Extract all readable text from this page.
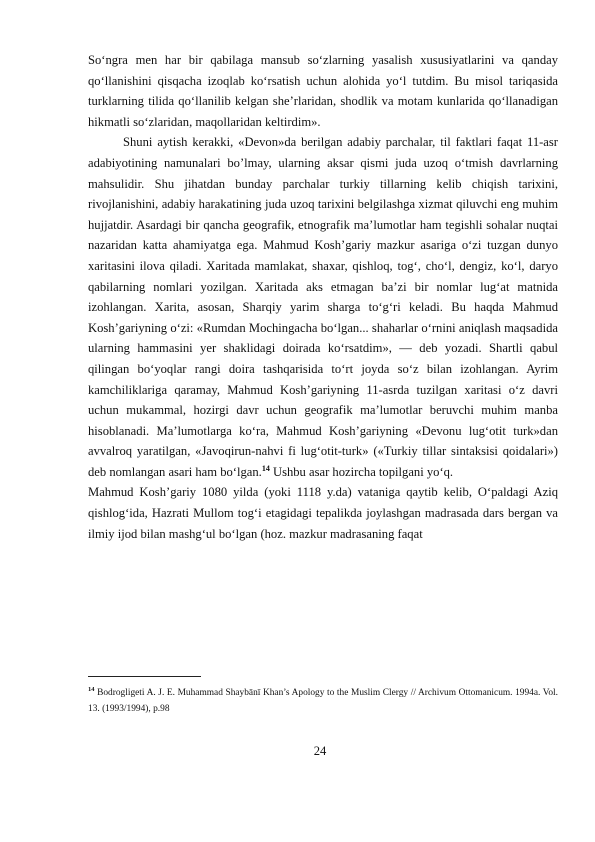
So‘ngra men har bir qabilaga mansub so‘zlarning yasalish xususiyatlarini va qanday qo‘llanishini qisqacha izoqlab ko‘rsatish uchun alohida yo‘l tutdim. Bu misol tariqasida turklarning tilida qo‘llanilib kelgan she’rlaridan, shodlik va motam kunlarida qo‘llanadigan hikmatli so‘zlaridan, maqollaridan keltirdim».

Shuni aytish kerakki, «Devon»da berilgan adabiy parchalar, til faktlari faqat 11-asr adabiyotining namunalari bo’lmay, ularning aksar qismi juda uzoq o‘tmish davrlarning mahsulidir. Shu jihatdan bunday parchalar turkiy tillarning kelib chiqish tarixini, rivojlanishini, adabiy harakatining juda uzoq tarixini belgilashga xizmat qiluvchi eng muhim hujjatdir. Asardagi bir qancha geografik, etnografik ma’lumotlar ham tegishli sohalar nuqtai nazaridan katta ahamiyatga ega. Mahmud Kosh’gariy mazkur asariga o‘zi tuzgan dunyo xaritasini ilova qiladi. Xaritada mamlakat, shaxar, qishloq, tog‘, cho‘l, dengiz, ko‘l, daryo qabilarning nomlari yozilgan. Xaritada aks etmagan ba’zi bir nomlar lug‘at matnida izohlangan. Xarita, asosan, Sharqiy yarim sharga to‘g‘ri keladi. Bu haqda Mahmud Kosh’gariyning o‘zi: «Rumdan Mochingacha bo‘lgan... shaharlar o‘rnini aniqlash maqsadida ularning hammasini yer shaklidagi doirada ko‘rsatdim», — deb yozadi. Shartli qabul qilingan bo‘yoqlar rangi doira tashqarisida to‘rt joyda so‘z bilan izohlangan. Ayrim kamchiliklariga qaramay, Mahmud Kosh’gariyning 11-asrda tuzilgan xaritasi o‘z davri uchun mukammal, hozirgi davr uchun geografik ma’lumotlar beruvchi muhim manba hisoblanadi. Ma’lumotlarga ko‘ra, Mahmud Kosh’gariyning «Devonu lug‘otit turk»dan avvalroq yaratilgan, «Javoqirun-nahvi fi lug‘otit-turk» («Turkiy tillar sintaksisi qoidalari») deb nomlangan asari ham bo‘lgan.$^{14}$ Ushbu asar hozircha topilgani yo‘q.

Mahmud Kosh’gariy 1080 yilda (yoki 1118 y.da) vataniga qaytib kelib, O‘paldagi Aziq qishlog‘ida, Hazrati Mullom tog‘i etagidagi tepalikda joylashgan madrasada dars bergan va ilmiy ijod bilan mashg‘ul bo‘lgan (hoz. mazkur madrasaning faqat

$^{14}$ Bodrogligeti A. J. E. Muhammad Shaybānī Khan’s Apology to the Muslim Clergy // Archivum Ottomanicum. 1994a. Vol. 13. (1993/1994), p.98
24
